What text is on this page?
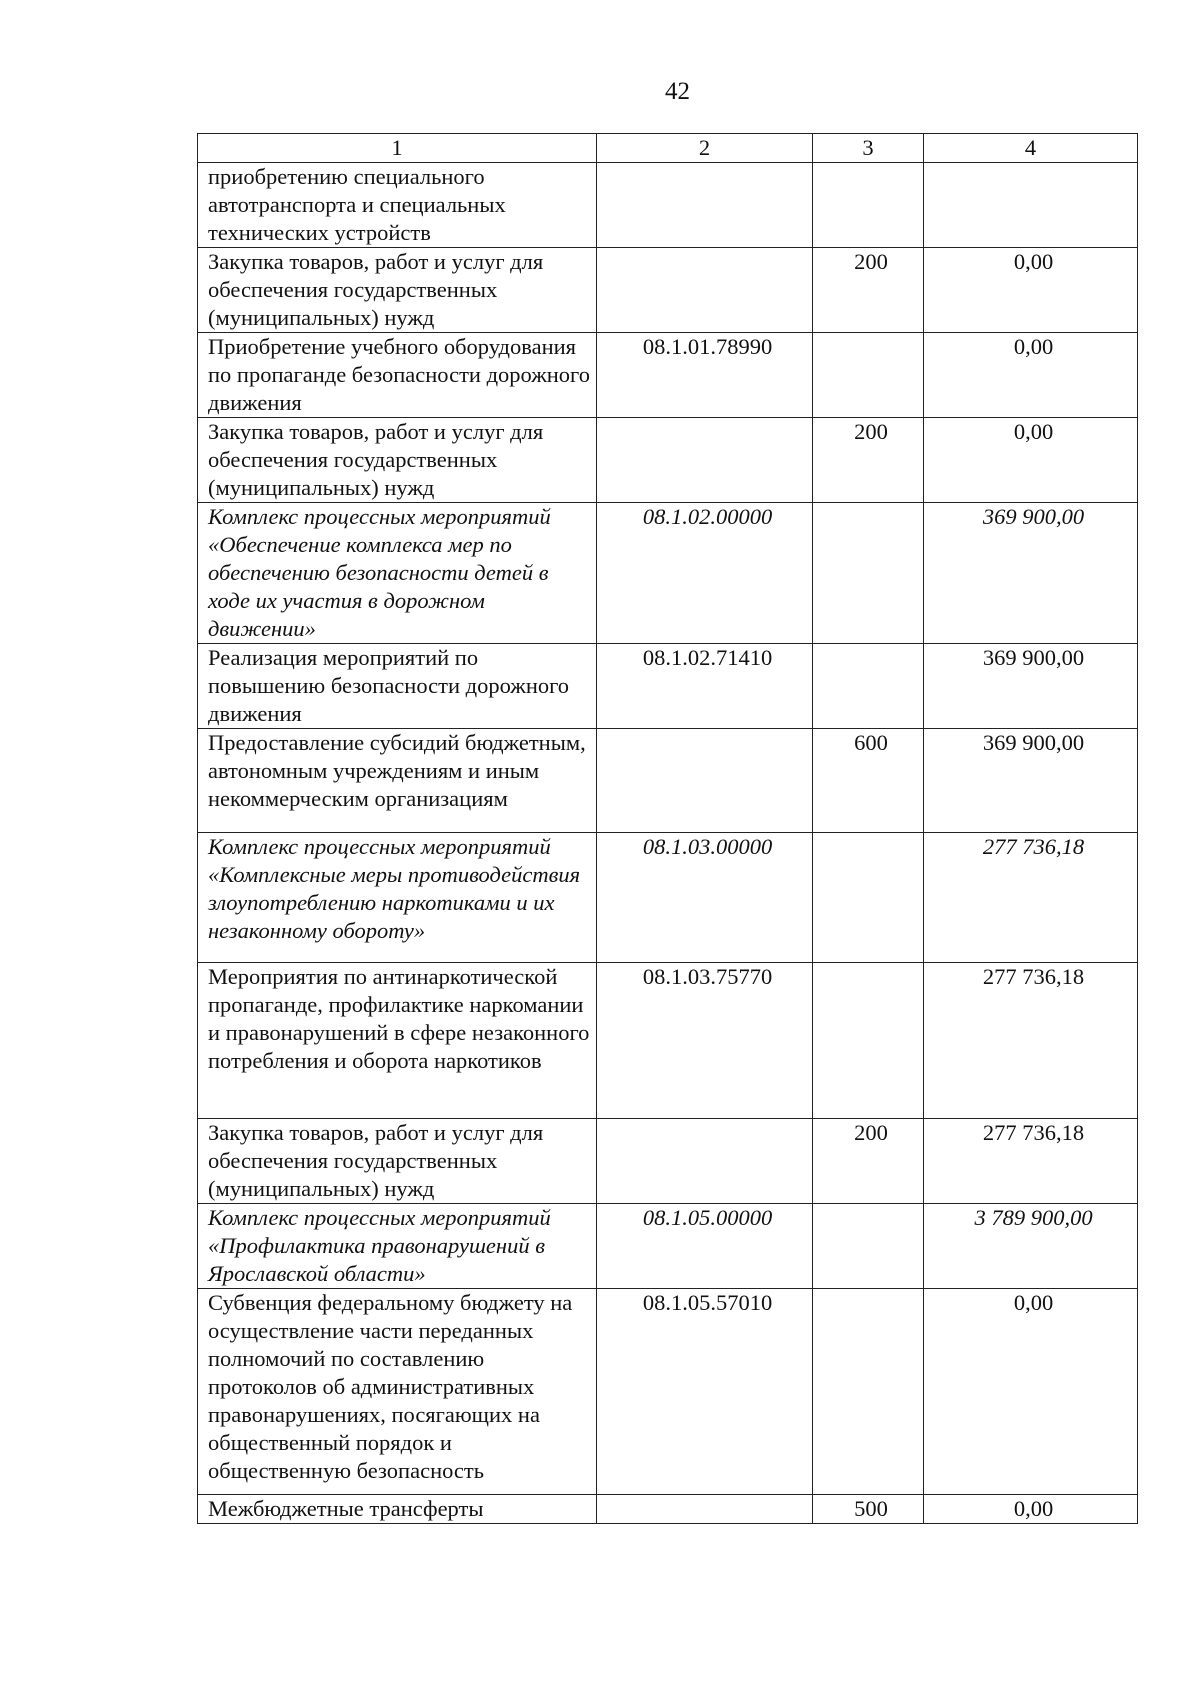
42
1	2	3	4
приобретению специального автотранспорта и специальных технических устройств			
Закупка товаров, работ и услуг для обеспечения государственных (муниципальных) нужд		200	0,00
Приобретение учебного оборудования по пропаганде безопасности дорожного движения	08.1.01.78990		0,00
Закупка товаров, работ и услуг для обеспечения государственных (муниципальных) нужд		200	0,00
Комплекс процессных мероприятий «Обеспечение комплекса мер по обеспечению безопасности детей в ходе их участия в дорожном движении»	08.1.02.00000		369 900,00
Реализация мероприятий по повышению безопасности дорожного движения	08.1.02.71410		369 900,00
Предоставление субсидий бюджетным, автономным учреждениям и иным некоммерческим организациям		600	369 900,00
Комплекс процессных мероприятий «Комплексные меры противодействия злоупотреблению наркотиками и их незаконному обороту»	08.1.03.00000		277 736,18
Мероприятия по антинаркотической пропаганде, профилактике наркомании и правонарушений в сфере незаконного потребления и оборота наркотиков	08.1.03.75770		277 736,18
Закупка товаров, работ и услуг для обеспечения государственных (муниципальных) нужд		200	277 736,18
Комплекс процессных мероприятий «Профилактика правонарушений в Ярославской области»	08.1.05.00000		3 789 900,00
Субвенция федеральному бюджету на осуществление части переданных полномочий по составлению протоколов об административных правонарушениях, посягающих на общественный порядок и общественную безопасность	08.1.05.57010		0,00
Межбюджетные трансферты		500	0,00
